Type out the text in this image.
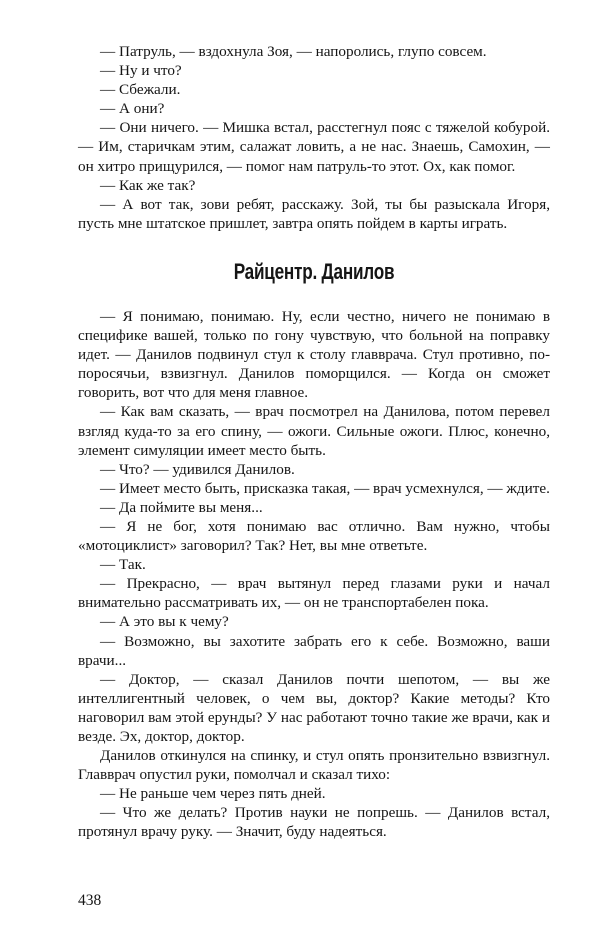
— Патруль, — вздохнула Зоя, — напоролись, глупо совсем.

— Ну и что?

— Сбежали.

— А они?

— Они ничего. — Мишка встал, расстегнул пояс с тяжелой кобурой. — Им, старичкам этим, салажат ловить, а не нас. Знаешь, Самохин, — он хитро прищурился, — помог нам патруль-то этот. Ох, как помог.

— Как же так?

— А вот так, зови ребят, расскажу. Зой, ты бы разыскала Игоря, пусть мне штатское пришлет, завтра опять пойдем в карты играть.

Райцентр. Данилов

— Я понимаю, понимаю. Ну, если честно, ничего не понимаю в специфике вашей, только по гону чувствую, что больной на поправку идет. — Данилов подвинул стул к столу главврача. Стул противно, по-поросячьи, взвизгнул. Данилов поморщился. — Когда он сможет говорить, вот что для меня главное.

— Как вам сказать, — врач посмотрел на Данилова, потом перевел взгляд куда-то за его спину, — ожоги. Сильные ожоги. Плюс, конечно, элемент симуляции имеет место быть.

— Что? — удивился Данилов.

— Имеет место быть, присказка такая, — врач усмехнулся, — ждите.

— Да поймите вы меня...

— Я не бог, хотя понимаю вас отлично. Вам нужно, чтобы «мотоциклист» заговорил? Так? Нет, вы мне ответьте.

— Так.

— Прекрасно, — врач вытянул перед глазами руки и начал внимательно рассматривать их, — он не транспортабелен пока.

— А это вы к чему?

— Возможно, вы захотите забрать его к себе. Возможно, ваши врачи...

— Доктор, — сказал Данилов почти шепотом, — вы же интеллигентный человек, о чем вы, доктор? Какие методы? Кто наговорил вам этой ерунды? У нас работают точно такие же врачи, как и везде. Эх, доктор, доктор.

Данилов откинулся на спинку, и стул опять пронзительно взвизгнул. Главврач опустил руки, помолчал и сказал тихо:

— Не раньше чем через пять дней.

— Что же делать? Против науки не попрешь. — Данилов встал, протянул врачу руку. — Значит, буду надеяться.

438
